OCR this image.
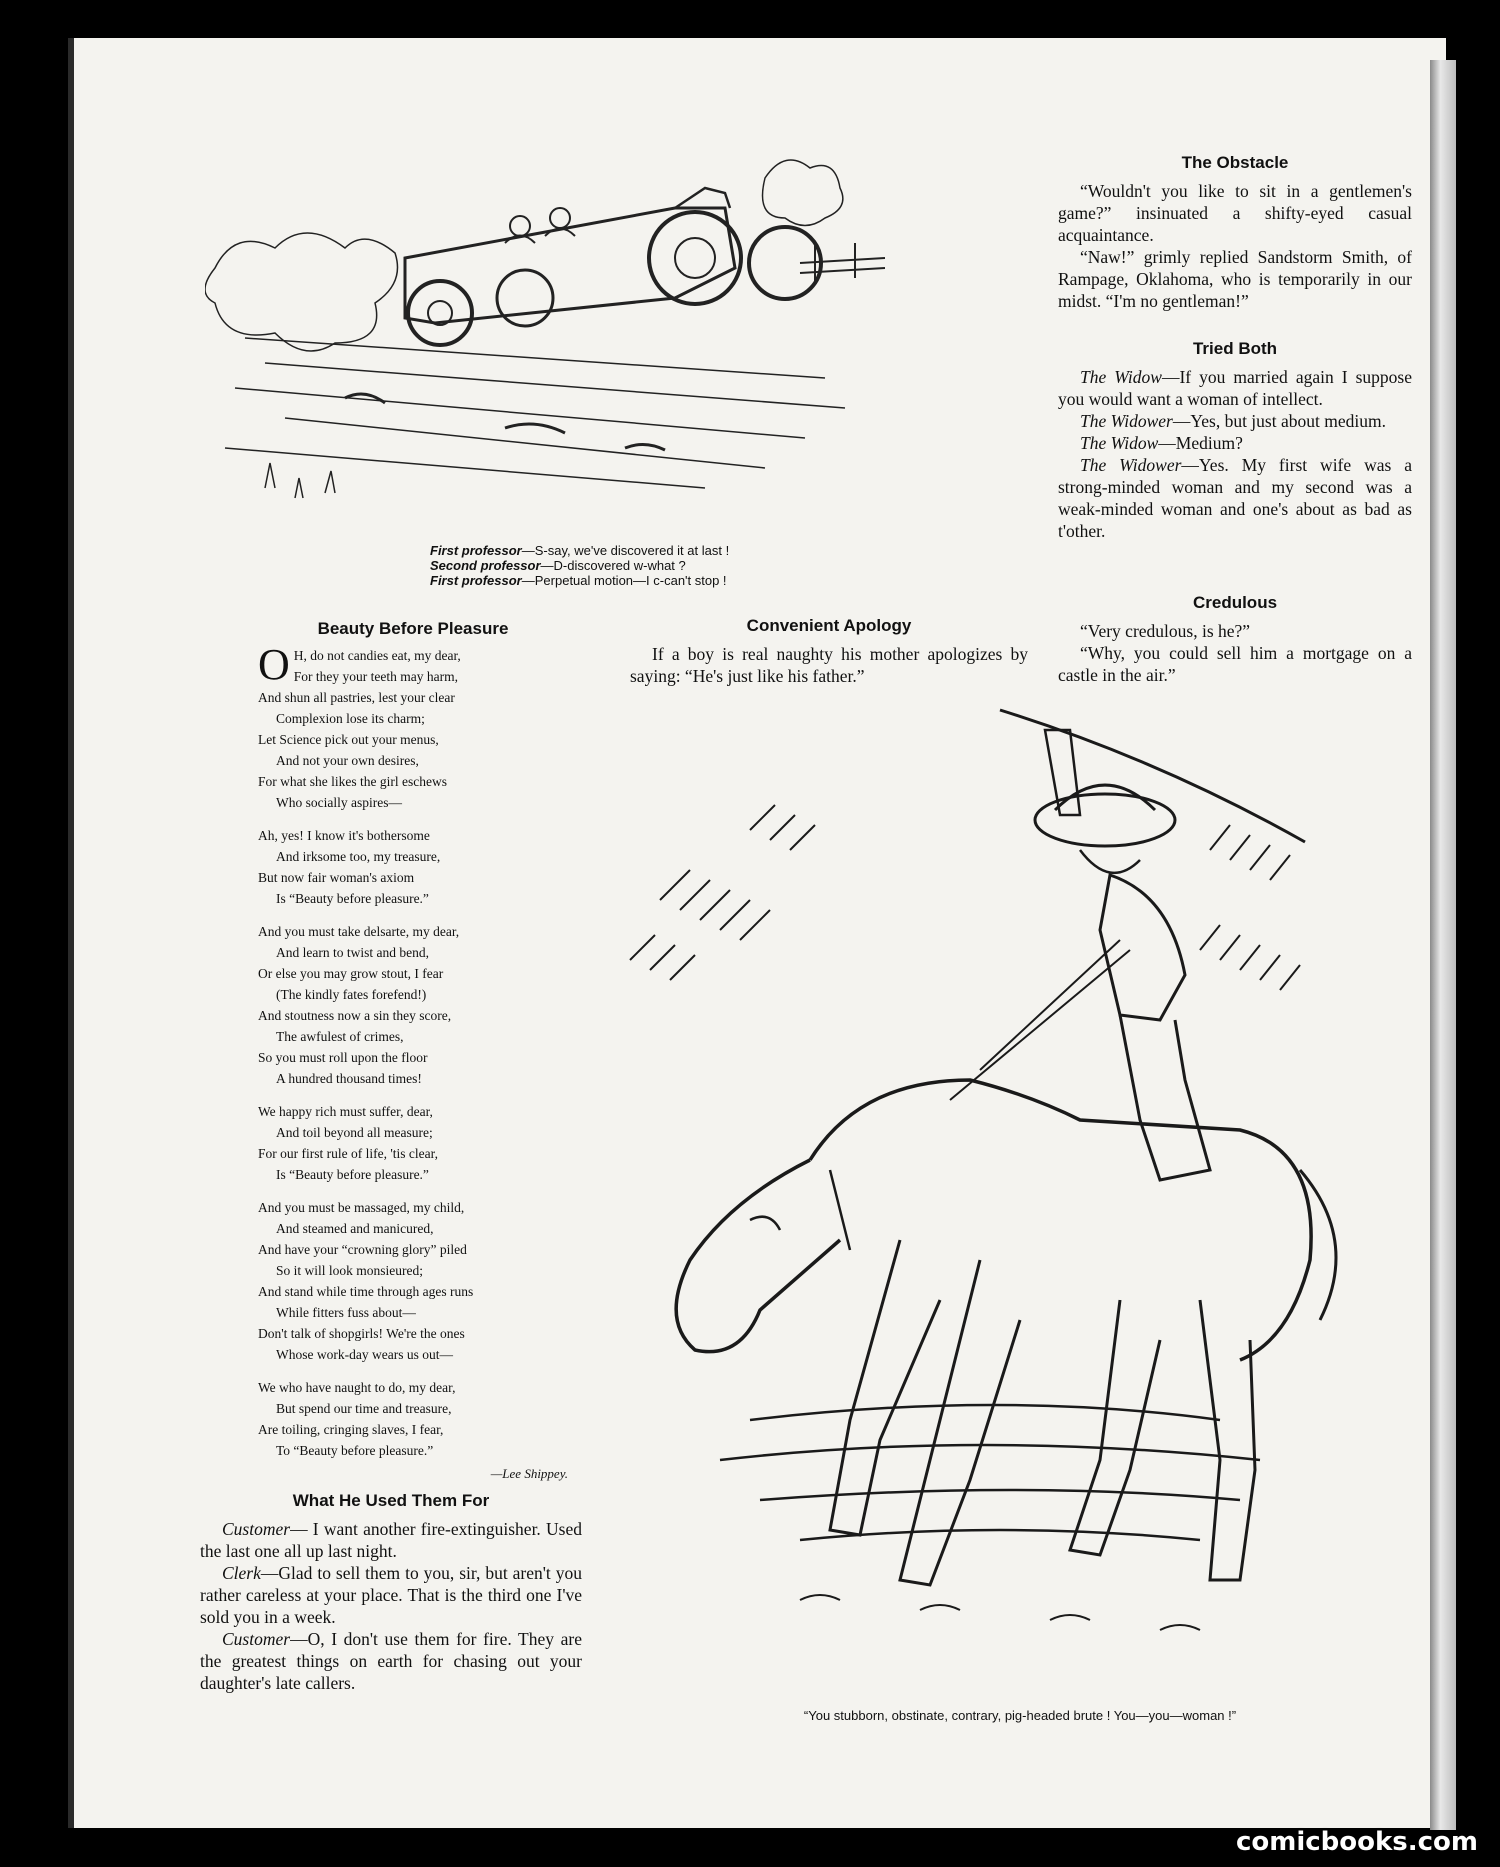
First professor—S-say, we've discovered it at last !
Second professor—D-discovered w-what ?
First professor—Perpetual motion—I c-can't stop !
The Obstacle

“Wouldn't you like to sit in a gentlemen's game?” insinuated a shifty-eyed casual acquaintance.

“Naw!” grimly replied Sandstorm Smith, of Rampage, Oklahoma, who is temporarily in our midst. “I'm no gentleman!”

Tried Both

The Widow—If you married again I suppose you would want a woman of intellect.

The Widower—Yes, but just about medium.

The Widow—Medium?

The Widower—Yes. My first wife was a strong-minded woman and my second was a weak-minded woman and one's about as bad as t'other.

Credulous

“Very credulous, is he?”

“Why, you could sell him a mortgage on a castle in the air.”

Convenient Apology

If a boy is real naughty his mother apologizes by saying: “He's just like his father.”

Beauty Before Pleasure
O H, do not candies eat, my dear,
For they your teeth may harm,
And shun all pastries, lest your clear
Complexion lose its charm;
Let Science pick out your menus,
And not your own desires,
For what she likes the girl eschews
Who socially aspires—
Ah, yes! I know it's bothersome
And irksome too, my treasure,
But now fair woman's axiom
Is “Beauty before pleasure.”
And you must take delsarte, my dear,
And learn to twist and bend,
Or else you may grow stout, I fear
(The kindly fates forefend!)
And stoutness now a sin they score,
The awfulest of crimes,
So you must roll upon the floor
A hundred thousand times!
We happy rich must suffer, dear,
And toil beyond all measure;
For our first rule of life, 'tis clear,
Is “Beauty before pleasure.”
And you must be massaged, my child,
And steamed and manicured,
And have your “crowning glory” piled
So it will look monsieured;
And stand while time through ages runs
While fitters fuss about—
Don't talk of shopgirls! We're the ones
Whose work-day wears us out—
We who have naught to do, my dear,
But spend our time and treasure,
Are toiling, cringing slaves, I fear,
To “Beauty before pleasure.”
—Lee Shippey.
What He Used Them For

Customer— I want another fire-extinguisher. Used the last one all up last night.

Clerk—Glad to sell them to you, sir, but aren't you rather careless at your place. That is the third one I've sold you in a week.

Customer—O, I don't use them for fire. They are the greatest things on earth for chasing out your daughter's late callers.

“You stubborn, obstinate, contrary, pig-headed brute ! You—you—woman !”
comicbooks.com
